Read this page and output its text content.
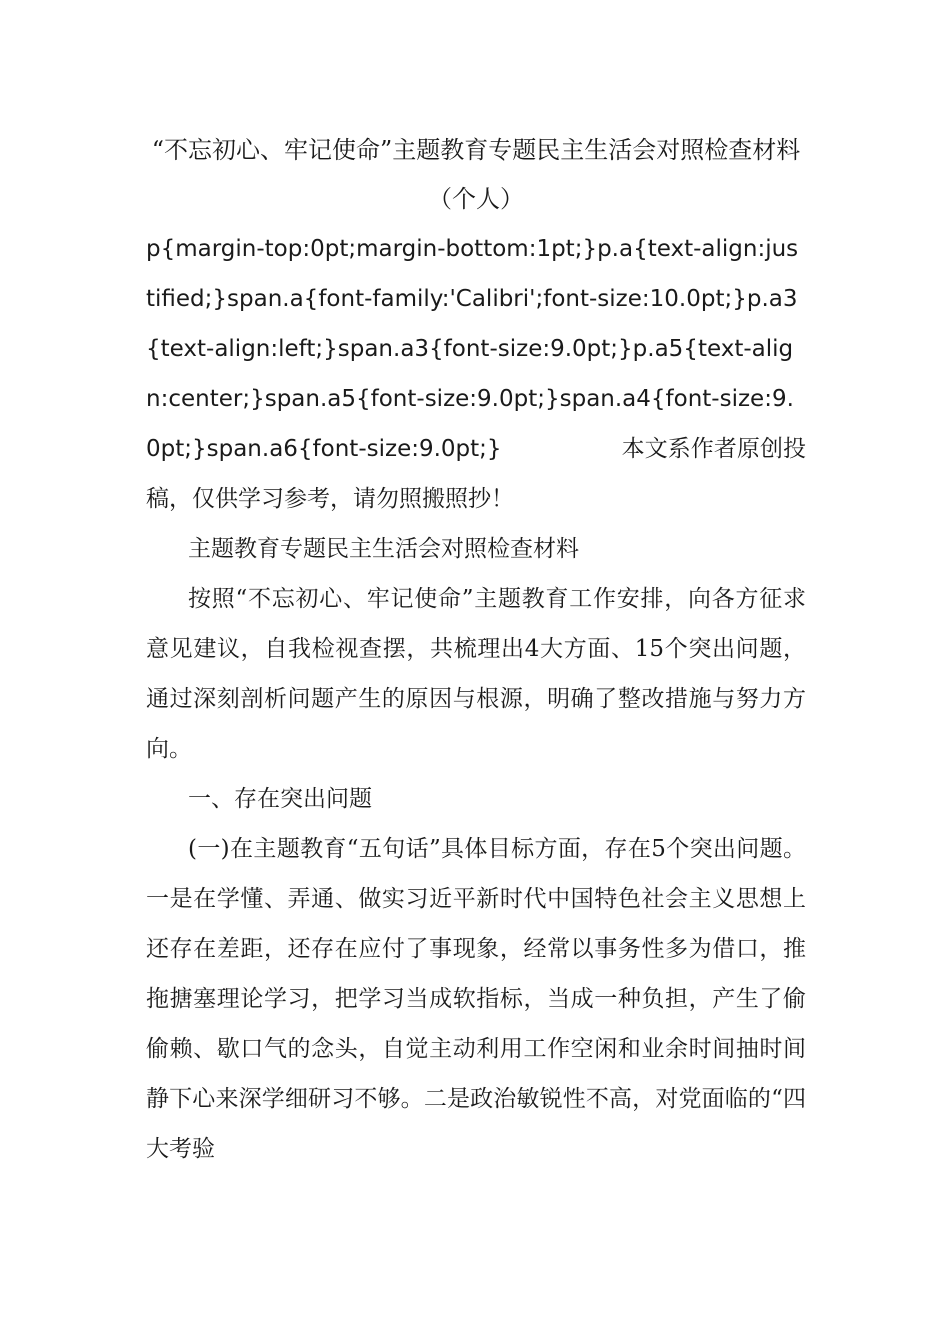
“不忘初心、牢记使命”主题教育专题民主生活会对照检查材料（个人）

p{margin-top:0pt;margin-bottom:1pt;}p.a{text-align:justified;}span.a{font-family:'Calibri';font-size:10.0pt;}p.a3{text-align:left;}span.a3{font-size:9.0pt;}p.a5{text-align:center;}span.a5{font-size:9.0pt;}span.a4{font-size:9.0pt;}span.a6{font-size:9.0pt;}	本文系作者原创投稿，仅供学习参考，请勿照搬照抄！

主题教育专题民主生活会对照检查材料

按照“不忘初心、牢记使命”主题教育工作安排，向各方征求意见建议，自我检视查摆，共梳理出4大方面、15个突出问题，通过深刻剖析问题产生的原因与根源，明确了整改措施与努力方向。

一、存在突出问题

(一)在主题教育“五句话”具体目标方面，存在5个突出问题。一是在学懂、弄通、做实习近平新时代中国特色社会主义思想上还存在差距，还存在应付了事现象，经常以事务性多为借口，推拖搪塞理论学习，把学习当成软指标，当成一种负担，产生了偷偷赖、歇口气的念头，自觉主动利用工作空闲和业余时间抽时间静下心来深学细研习不够。二是政治敏锐性不高，对党面临的“四大考验
